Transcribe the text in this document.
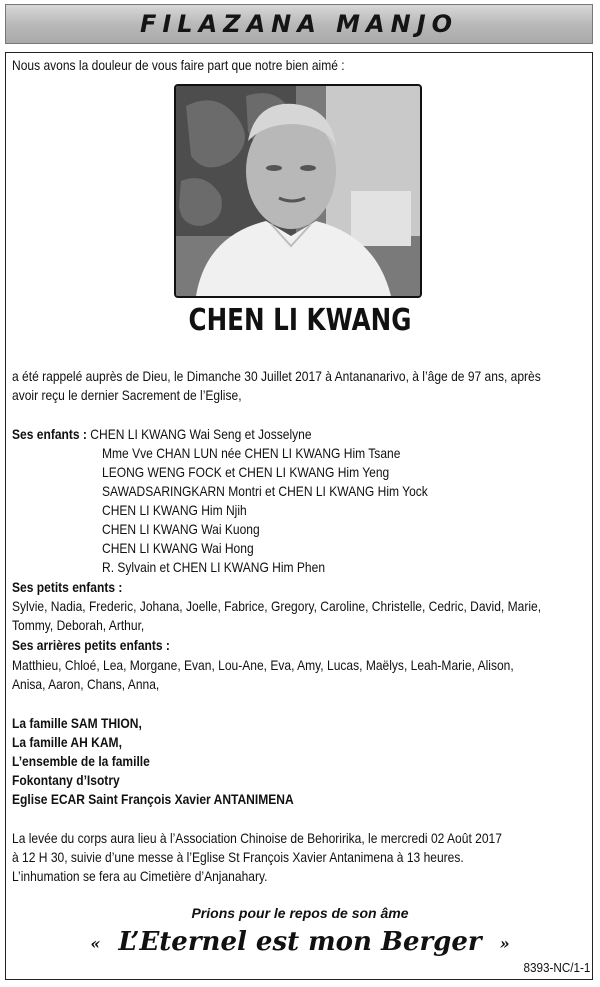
FILAZANA MANJO
Nous avons la douleur de vous faire part que notre bien aimé :
CHEN LI KWANG
a été rappelé auprès de Dieu, le Dimanche 30 Juillet 2017 à Antananarivo, à l’âge de 97 ans, après
avoir reçu le dernier Sacrement de l’Eglise,
Ses enfants : CHEN LI KWANG Wai Seng et Josselyne
Mme Vve CHAN LUN née CHEN LI KWANG Him Tsane
LEONG WENG FOCK et CHEN LI KWANG Him Yeng
SAWADSARINGKARN Montri et CHEN LI KWANG Him Yock
CHEN LI KWANG Him Njih
CHEN LI KWANG Wai Kuong
CHEN LI KWANG Wai Hong
R. Sylvain et CHEN LI KWANG Him Phen
Ses petits enfants :
Sylvie, Nadia, Frederic, Johana, Joelle, Fabrice, Gregory, Caroline, Christelle, Cedric, David, Marie,
Tommy, Deborah, Arthur,
Ses arrières petits enfants :
Matthieu, Chloé, Lea, Morgane, Evan, Lou-Ane, Eva, Amy, Lucas, Maëlys, Leah-Marie, Alison,
Anisa, Aaron, Chans, Anna,
La famille SAM THION,
La famille AH KAM,
L’ensemble de la famille
Fokontany d’Isotry
Eglise ECAR Saint François Xavier ANTANIMENA
La levée du corps aura lieu à l’Association Chinoise de Behoririka, le mercredi 02 Août 2017
à 12 H 30, suivie d’une messe à l’Eglise St François Xavier Antanimena à 13 heures.
L’inhumation se fera au Cimetière d’Anjanahary.
Prions pour le repos de son âme
« L’Eternel est mon Berger »
8393-NC/1-1
